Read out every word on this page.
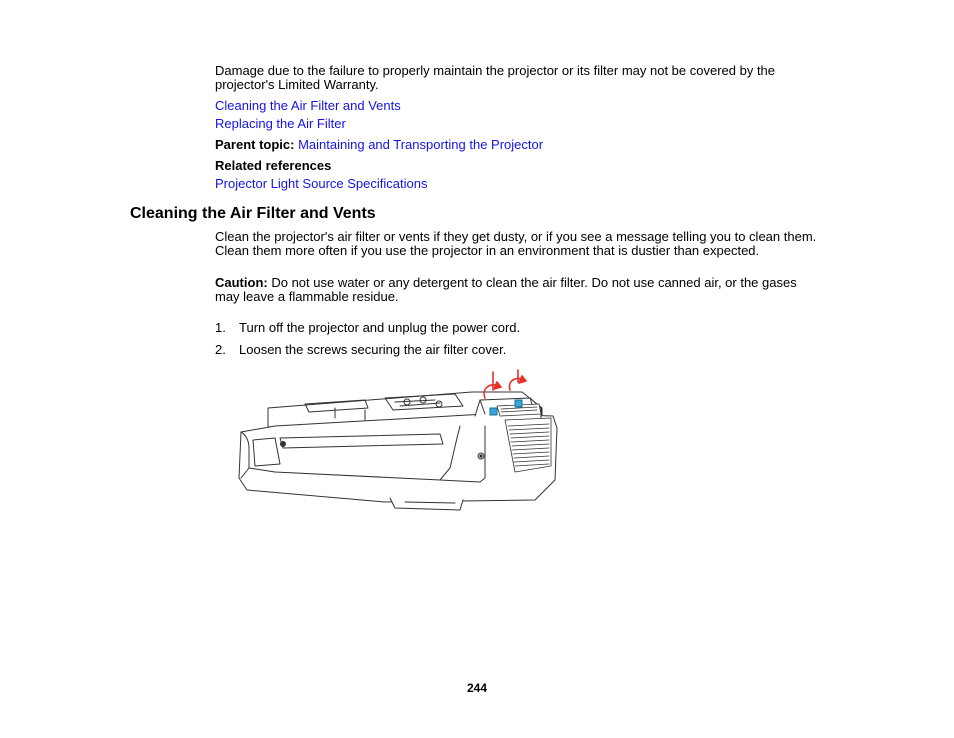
Damage due to the failure to properly maintain the projector or its filter may not be covered by the

projector's Limited Warranty.

Cleaning the Air Filter and Vents

Replacing the Air Filter

Parent topic: Maintaining and Transporting the Projector

Related references

Projector Light Source Specifications

Cleaning the Air Filter and Vents

Clean the projector's air filter or vents if they get dusty, or if you see a message telling you to clean them.

Clean them more often if you use the projector in an environment that is dustier than expected.

Caution: Do not use water or any detergent to clean the air filter. Do not use canned air, or the gases

may leave a flammable residue.

1. Turn off the projector and unplug the power cord.

2. Loosen the screws securing the air filter cover.

244
